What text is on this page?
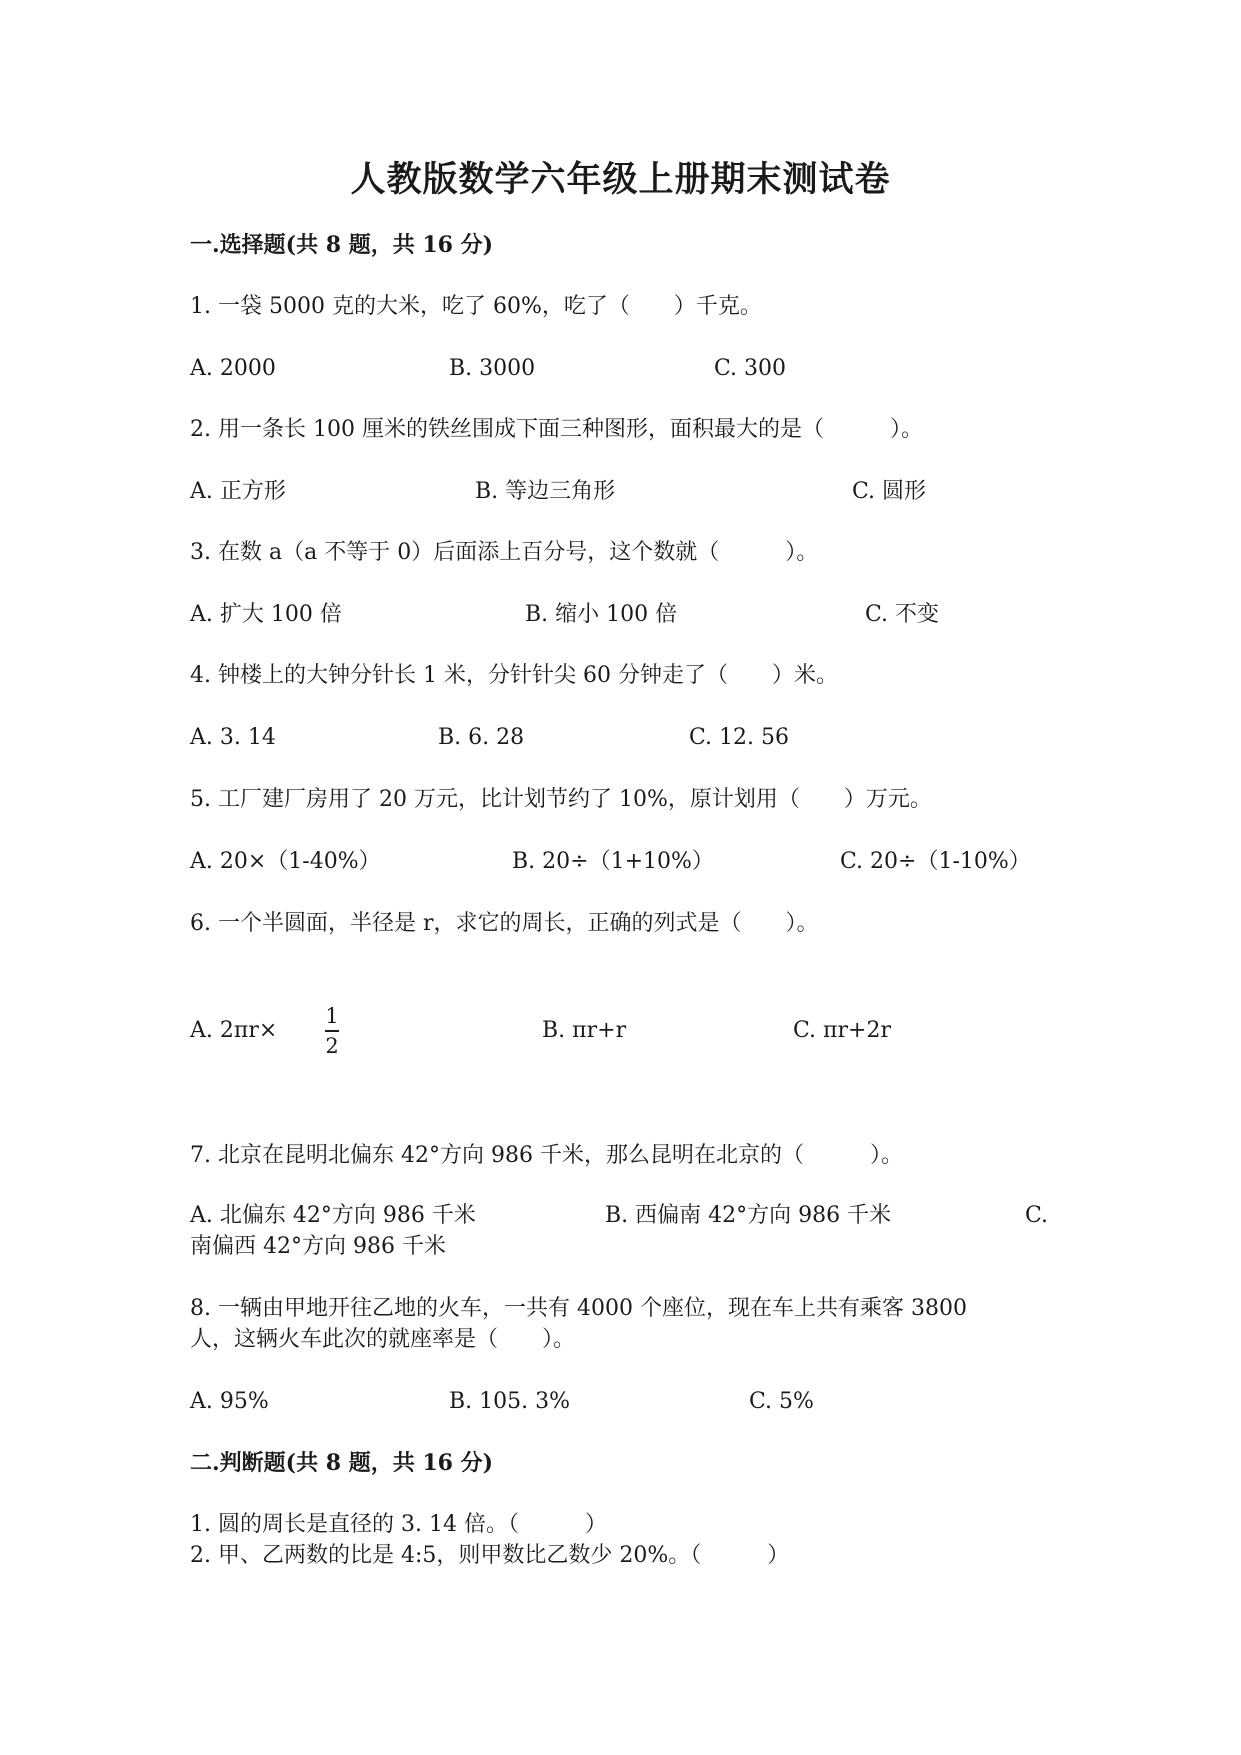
人教版数学六年级上册期末测试卷
一.选择题(共 8 题，共 16 分)
1. 一袋 5000 克的大米，吃了 60%，吃了（　　）千克。
A. 2000	B. 3000	C. 300
2. 用一条长 100 厘米的铁丝围成下面三种图形，面积最大的是（　　　）。
A. 正方形	B. 等边三角形	C. 圆形
3. 在数 a（a 不等于 0）后面添上百分号，这个数就（　　　）。
A. 扩大 100 倍	B. 缩小 100 倍	C. 不变
4. 钟楼上的大钟分针长 1 米，分针针尖 60 分钟走了（　　）米。
A. 3. 14	B. 6. 28	C. 12. 56
5. 工厂建厂房用了 20 万元，比计划节约了 10%，原计划用（　　）万元。
A. 20×（1-40%）	B. 20÷（1+10%）	C. 20÷（1-10%）
6. 一个半圆面，半径是 r，求它的周长，正确的列式是（　　）。
A. 2πr×
1
2
B. πr+r	C. πr+2r
7. 北京在昆明北偏东 42°方向 986 千米，那么昆明在北京的（　　　）。
A. 北偏东 42°方向 986 千米	B. 西偏南 42°方向 986 千米	C.
南偏西 42°方向 986 千米
8. 一辆由甲地开往乙地的火车，一共有 4000 个座位，现在车上共有乘客 3800
人，这辆火车此次的就座率是（　　）。
A. 95%	B. 105. 3%	C. 5%
二.判断题(共 8 题，共 16 分)
1. 圆的周长是直径的 3. 14 倍。（　　　）
2. 甲、乙两数的比是 4:5，则甲数比乙数少 20%。（　　　）
